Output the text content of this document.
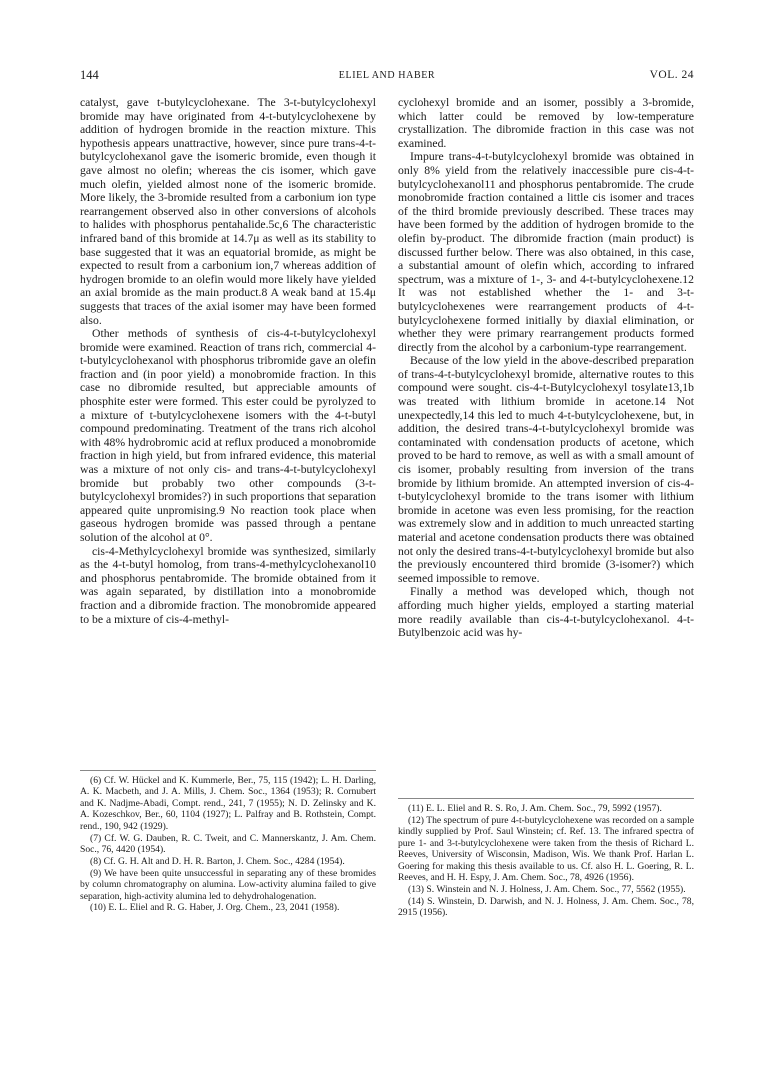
144	ELIEL AND HABER	VOL. 24

catalyst, gave t-butylcyclohexane. The 3-t-butylcyclohexyl bromide may have originated from 4-t-butylcyclohexene by addition of hydrogen bromide in the reaction mixture. This hypothesis appears unattractive, however, since pure trans-4-t-butylcyclohexanol gave the isomeric bromide, even though it gave almost no olefin; whereas the cis isomer, which gave much olefin, yielded almost none of the isomeric bromide. More likely, the 3-bromide resulted from a carbonium ion type rearrangement observed also in other conversions of alcohols to halides with phosphorus pentahalide.5c,6 The characteristic infrared band of this bromide at 14.7μ as well as its stability to base suggested that it was an equatorial bromide, as might be expected to result from a carbonium ion,7 whereas addition of hydrogen bromide to an olefin would more likely have yielded an axial bromide as the main product.8 A weak band at 15.4μ suggests that traces of the axial isomer may have been formed also.

Other methods of synthesis of cis-4-t-butylcyclohexyl bromide were examined. Reaction of trans rich, commercial 4-t-butylcyclohexanol with phosphorus tribromide gave an olefin fraction and (in poor yield) a monobromide fraction. In this case no dibromide resulted, but appreciable amounts of phosphite ester were formed. This ester could be pyrolyzed to a mixture of t-butylcyclohexene isomers with the 4-t-butyl compound predominating. Treatment of the trans rich alcohol with 48% hydrobromic acid at reflux produced a monobromide fraction in high yield, but from infrared evidence, this material was a mixture of not only cis- and trans-4-t-butylcyclohexyl bromide but probably two other compounds (3-t-butylcyclohexyl bromides?) in such proportions that separation appeared quite unpromising.9 No reaction took place when gaseous hydrogen bromide was passed through a pentane solution of the alcohol at 0°.

cis-4-Methylcyclohexyl bromide was synthesized, similarly as the 4-t-butyl homolog, from trans-4-methylcyclohexanol10 and phosphorus pentabromide. The bromide obtained from it was again separated, by distillation into a monobromide fraction and a dibromide fraction. The monobromide appeared to be a mixture of cis-4-methyl-

cyclohexyl bromide and an isomer, possibly a 3-bromide, which latter could be removed by low-temperature crystallization. The dibromide fraction in this case was not examined.

Impure trans-4-t-butylcyclohexyl bromide was obtained in only 8% yield from the relatively inaccessible pure cis-4-t-butylcyclohexanol11 and phosphorus pentabromide. The crude monobromide fraction contained a little cis isomer and traces of the third bromide previously described. These traces may have been formed by the addition of hydrogen bromide to the olefin by-product. The dibromide fraction (main product) is discussed further below. There was also obtained, in this case, a substantial amount of olefin which, according to infrared spectrum, was a mixture of 1-, 3- and 4-t-butylcyclohexene.12 It was not established whether the 1- and 3-t-butylcyclohexenes were rearrangement products of 4-t-butylcyclohexene formed initially by diaxial elimination, or whether they were primary rearrangement products formed directly from the alcohol by a carbonium-type rearrangement.

Because of the low yield in the above-described preparation of trans-4-t-butylcyclohexyl bromide, alternative routes to this compound were sought. cis-4-t-Butylcyclohexyl tosylate13,1b was treated with lithium bromide in acetone.14 Not unexpectedly,14 this led to much 4-t-butylcyclohexene, but, in addition, the desired trans-4-t-butylcyclohexyl bromide was contaminated with condensation products of acetone, which proved to be hard to remove, as well as with a small amount of cis isomer, probably resulting from inversion of the trans bromide by lithium bromide. An attempted inversion of cis-4-t-butylcyclohexyl bromide to the trans isomer with lithium bromide in acetone was even less promising, for the reaction was extremely slow and in addition to much unreacted starting material and acetone condensation products there was obtained not only the desired trans-4-t-butylcyclohexyl bromide but also the previously encountered third bromide (3-isomer?) which seemed impossible to remove.

Finally a method was developed which, though not affording much higher yields, employed a starting material more readily available than cis-4-t-butylcyclohexanol. 4-t-Butylbenzoic acid was hy-

(6) Cf. W. Hückel and K. Kummerle, Ber., 75, 115 (1942); L. H. Darling, A. K. Macbeth, and J. A. Mills, J. Chem. Soc., 1364 (1953); R. Cornubert and K. Nadjme-Abadi, Compt. rend., 241, 7 (1955); N. D. Zelinsky and K. A. Kozeschkov, Ber., 60, 1104 (1927); L. Palfray and B. Rothstein, Compt. rend., 190, 942 (1929).

(7) Cf. W. G. Dauben, R. C. Tweit, and C. Mannerskantz, J. Am. Chem. Soc., 76, 4420 (1954).

(8) Cf. G. H. Alt and D. H. R. Barton, J. Chem. Soc., 4284 (1954).

(9) We have been quite unsuccessful in separating any of these bromides by column chromatography on alumina. Low-activity alumina failed to give separation, high-activity alumina led to dehydrohalogenation.

(10) E. L. Eliel and R. G. Haber, J. Org. Chem., 23, 2041 (1958).

(11) E. L. Eliel and R. S. Ro, J. Am. Chem. Soc., 79, 5992 (1957).

(12) The spectrum of pure 4-t-butylcyclohexene was recorded on a sample kindly supplied by Prof. Saul Winstein; cf. Ref. 13. The infrared spectra of pure 1- and 3-t-butylcyclohexene were taken from the thesis of Richard L. Reeves, University of Wisconsin, Madison, Wis. We thank Prof. Harlan L. Goering for making this thesis available to us. Cf. also H. L. Goering, R. L. Reeves, and H. H. Espy, J. Am. Chem. Soc., 78, 4926 (1956).

(13) S. Winstein and N. J. Holness, J. Am. Chem. Soc., 77, 5562 (1955).

(14) S. Winstein, D. Darwish, and N. J. Holness, J. Am. Chem. Soc., 78, 2915 (1956).
